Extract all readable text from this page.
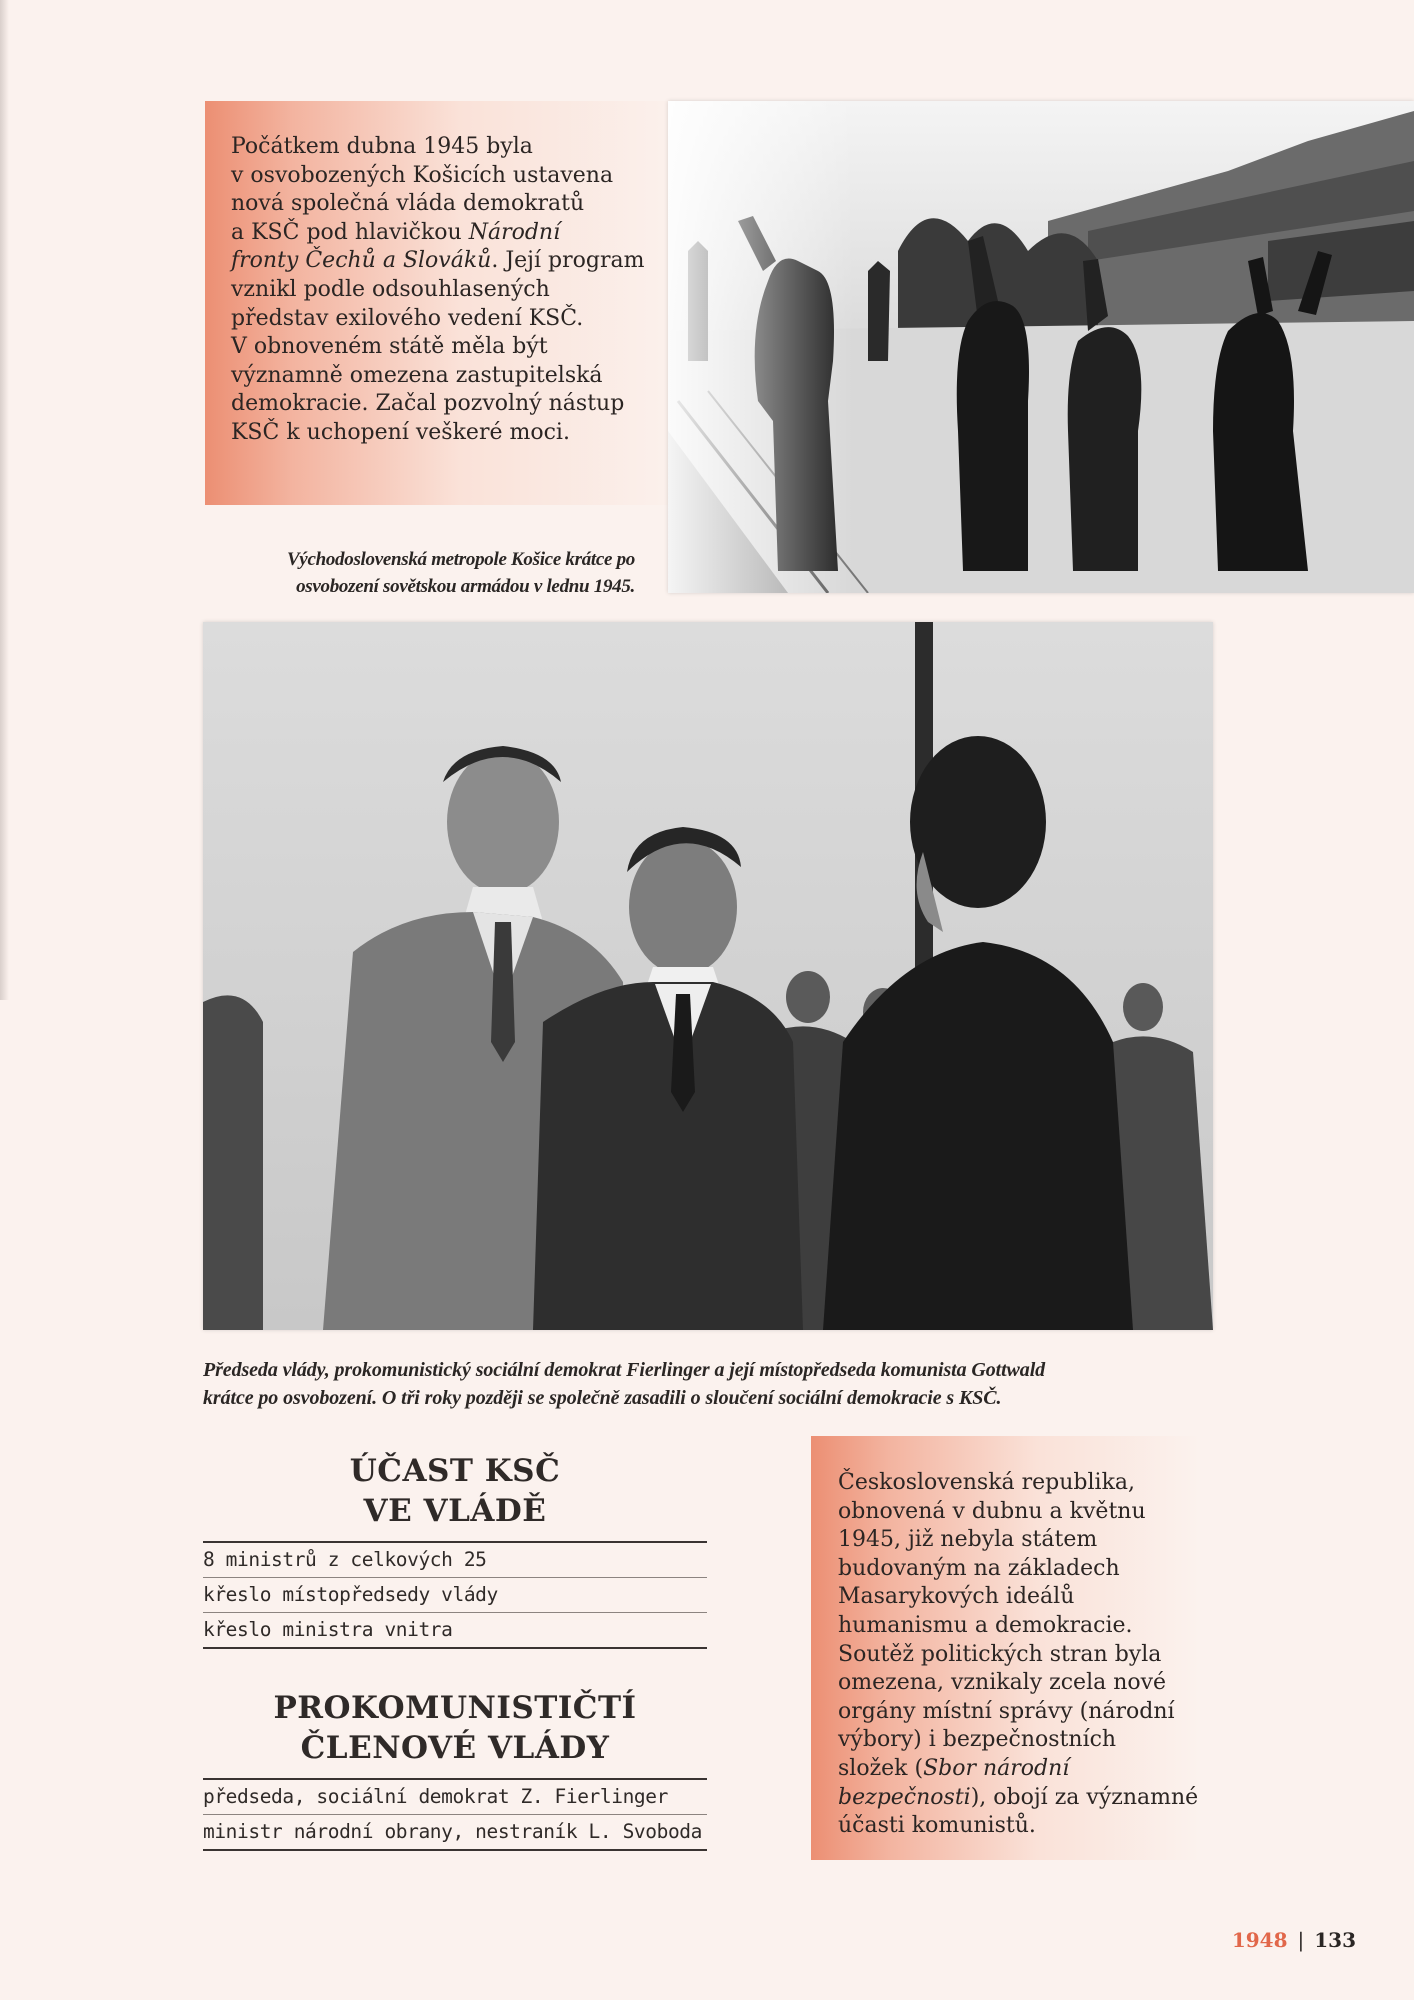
Počátkem dubna 1945 byla
v osvobozených Košicích ustavena
nová společná vláda demokratů
a KSČ pod hlavičkou Národní
fronty Čechů a Slováků. Její program
vznikl podle odsouhlasených
představ exilového vedení KSČ.
V obnoveném státě měla být
významně omezena zastupitelská
demokracie. Začal pozvolný nástup
KSČ k uchopení veškeré moci.

Východoslovenská metropole Košice krátce po
osvobození sovětskou armádou v lednu 1945.

Předseda vlády, prokomunistický sociální demokrat Fierlinger a její místopředseda komunista Gottwald
krátce po osvobození. O tři roky později se společně zasadili o sloučení sociální demokracie s KSČ.

ÚČAST KSČ
VE VLÁDĚ
8 ministrů z celkových 25
křeslo místopředsedy vlády
křeslo ministra vnitra
PROKOMUNISTIČTÍ
ČLENOVÉ VLÁDY
předseda, sociální demokrat Z. Fierlinger
ministr národní obrany, nestraník L. Svoboda

Československá republika,
obnovená v dubnu a květnu
1945, již nebyla státem
budovaným na základech
Masarykových ideálů
humanismu a demokracie.
Soutěž politických stran byla
omezena, vznikaly zcela nové
orgány místní správy (národní
výbory) i bezpečnostních
složek (Sbor národní
bezpečnosti), obojí za významné
účasti komunistů.

1948 | 133
